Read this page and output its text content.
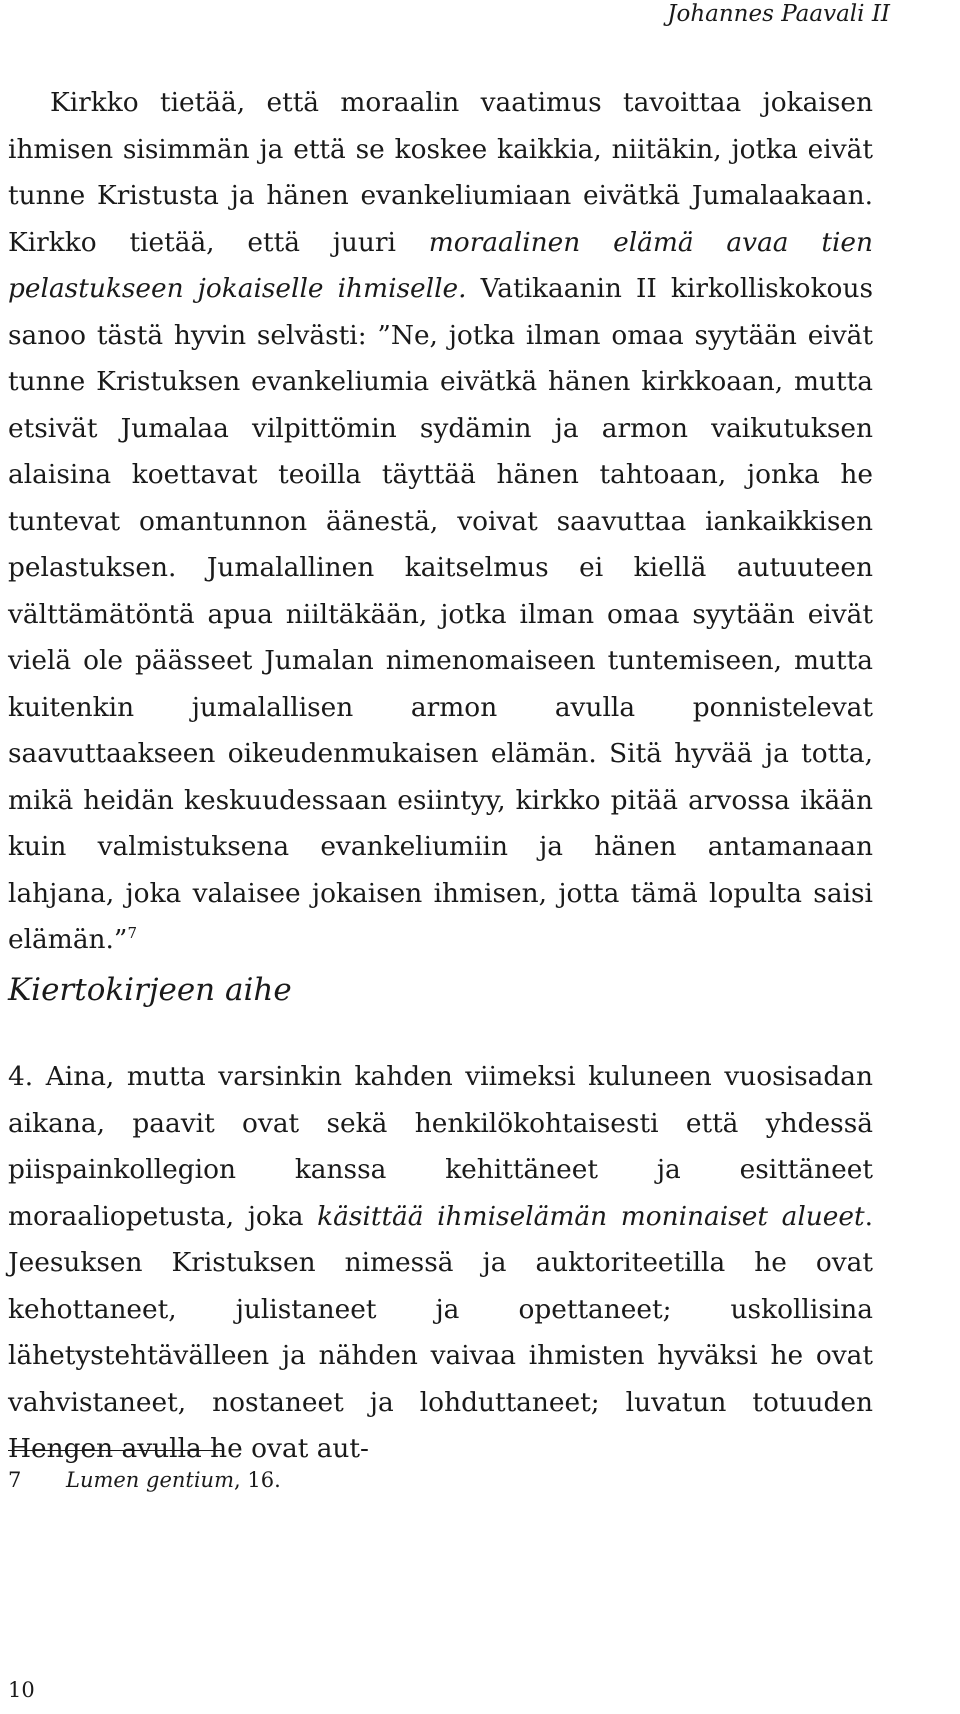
Johannes Paavali II

Kirkko tietää, että moraalin vaatimus tavoittaa jokaisen ihmisen sisimmän ja että se koskee kaikkia, niitäkin, jotka eivät tunne Kristusta ja hänen evankeliumiaan eivätkä Jumalaakaan. Kirkko tietää, että juuri moraalinen elämä avaa tien pelastukseen jokaiselle ihmiselle. Vatikaanin II kirkolliskokous sanoo tästä hyvin selvästi: ”Ne, jotka ilman omaa syytään eivät tunne Kristuksen evankeliumia eivätkä hänen kirkkoaan, mutta etsivät Jumalaa vilpittömin sydämin ja armon vaikutuksen alaisina koettavat teoilla täyttää hänen tahtoaan, jonka he tuntevat omantunnon äänestä, voivat saavuttaa iankaikkisen pelastuksen. Jumalallinen kaitselmus ei kiellä autuuteen välttämätöntä apua niiltäkään, jotka ilman omaa syytään eivät vielä ole päässeet Jumalan nimenomaiseen tuntemiseen, mutta kuitenkin jumalallisen armon avulla ponnistelevat saavuttaakseen oikeudenmukaisen elämän. Sitä hyvää ja totta, mikä heidän keskuudessaan esiintyy, kirkko pitää arvossa ikään kuin valmistuksena evankeliumiin ja hänen antamanaan lahjana, joka valaisee jokaisen ihmisen, jotta tämä lopulta saisi elämän.”$^7$

Kiertokirjeen aihe

4. Aina, mutta varsinkin kahden viimeksi kuluneen vuosisadan aikana, paavit ovat sekä henkilökohtaisesti että yhdessä piispainkollegion kanssa kehittäneet ja esittäneet moraaliopetusta, joka käsittää ihmiselämän moninaiset alueet. Jeesuksen Kristuksen nimessä ja auktoriteetilla he ovat kehottaneet, julistaneet ja opettaneet; uskollisina lähetystehtävälleen ja nähden vaivaa ihmisten hyväksi he ovat vahvistaneet, nostaneet ja lohduttaneet; luvatun totuuden Hengen avulla he ovat aut-

7 Lumen gentium, 16.
10
